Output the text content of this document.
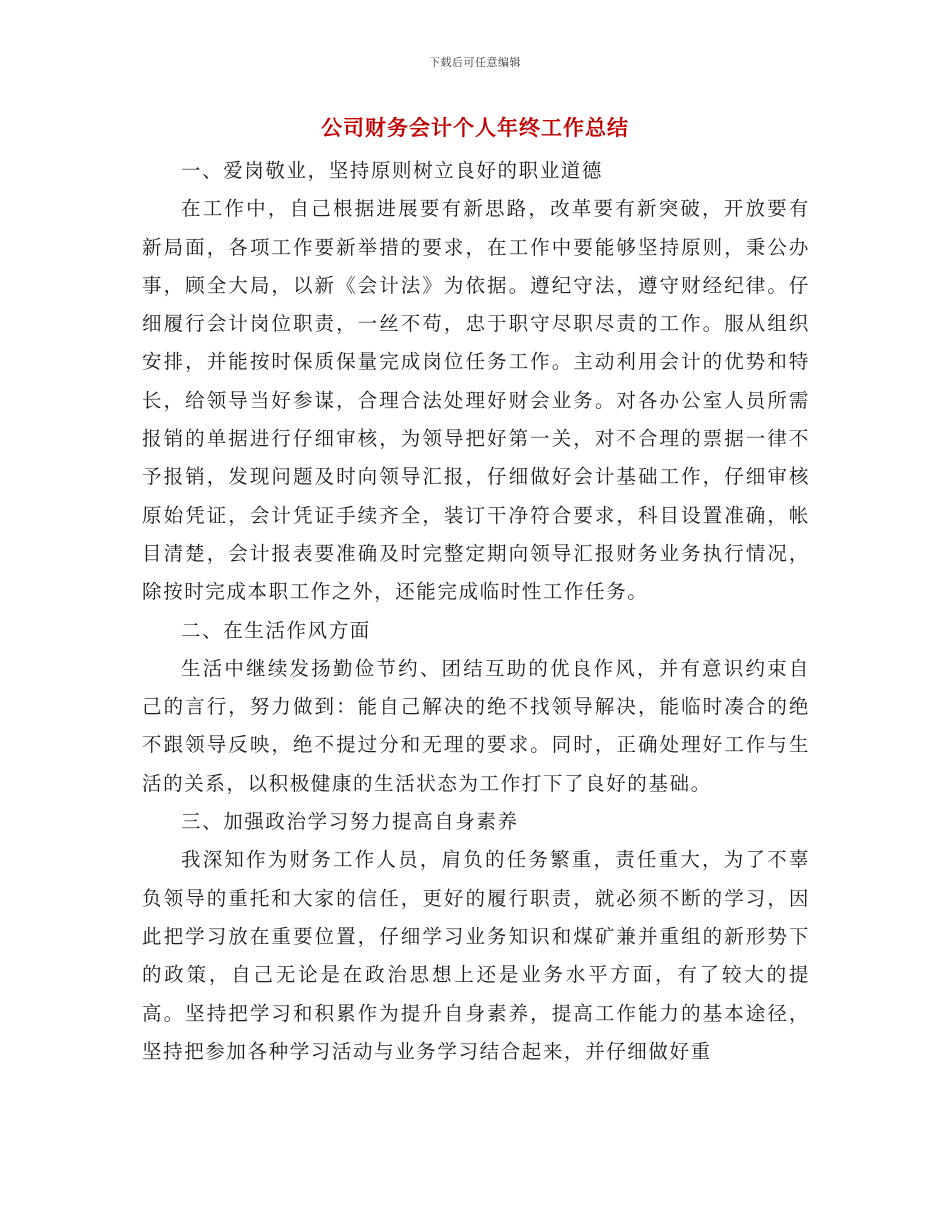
下载后可任意编辑
公司财务会计个人年终工作总结

一、爱岗敬业，坚持原则树立良好的职业道德

在工作中，自己根据进展要有新思路，改革要有新突破，开放要有新局面，各项工作要新举措的要求，在工作中要能够坚持原则，秉公办事，顾全大局，以新《会计法》为依据。遵纪守法，遵守财经纪律。仔细履行会计岗位职责，一丝不苟，忠于职守尽职尽责的工作。服从组织安排，并能按时保质保量完成岗位任务工作。主动利用会计的优势和特长，给领导当好参谋，合理合法处理好财会业务。对各办公室人员所需报销的单据进行仔细审核，为领导把好第一关，对不合理的票据一律不予报销，发现问题及时向领导汇报，仔细做好会计基础工作，仔细审核原始凭证，会计凭证手续齐全，装订干净符合要求，科目设置准确，帐目清楚，会计报表要准确及时完整定期向领导汇报财务业务执行情况，除按时完成本职工作之外，还能完成临时性工作任务。

二、在生活作风方面

生活中继续发扬勤俭节约、团结互助的优良作风，并有意识约束自己的言行，努力做到：能自己解决的绝不找领导解决，能临时凑合的绝不跟领导反映，绝不提过分和无理的要求。同时，正确处理好工作与生活的关系，以积极健康的生活状态为工作打下了良好的基础。

三、加强政治学习努力提高自身素养

我深知作为财务工作人员，肩负的任务繁重，责任重大，为了不辜负领导的重托和大家的信任，更好的履行职责，就必须不断的学习，因此把学习放在重要位置，仔细学习业务知识和煤矿兼并重组的新形势下的政策，自己无论是在政治思想上还是业务水平方面，有了较大的提高。坚持把学习和积累作为提升自身素养，提高工作能力的基本途径，坚持把参加各种学习活动与业务学习结合起来，并仔细做好重
